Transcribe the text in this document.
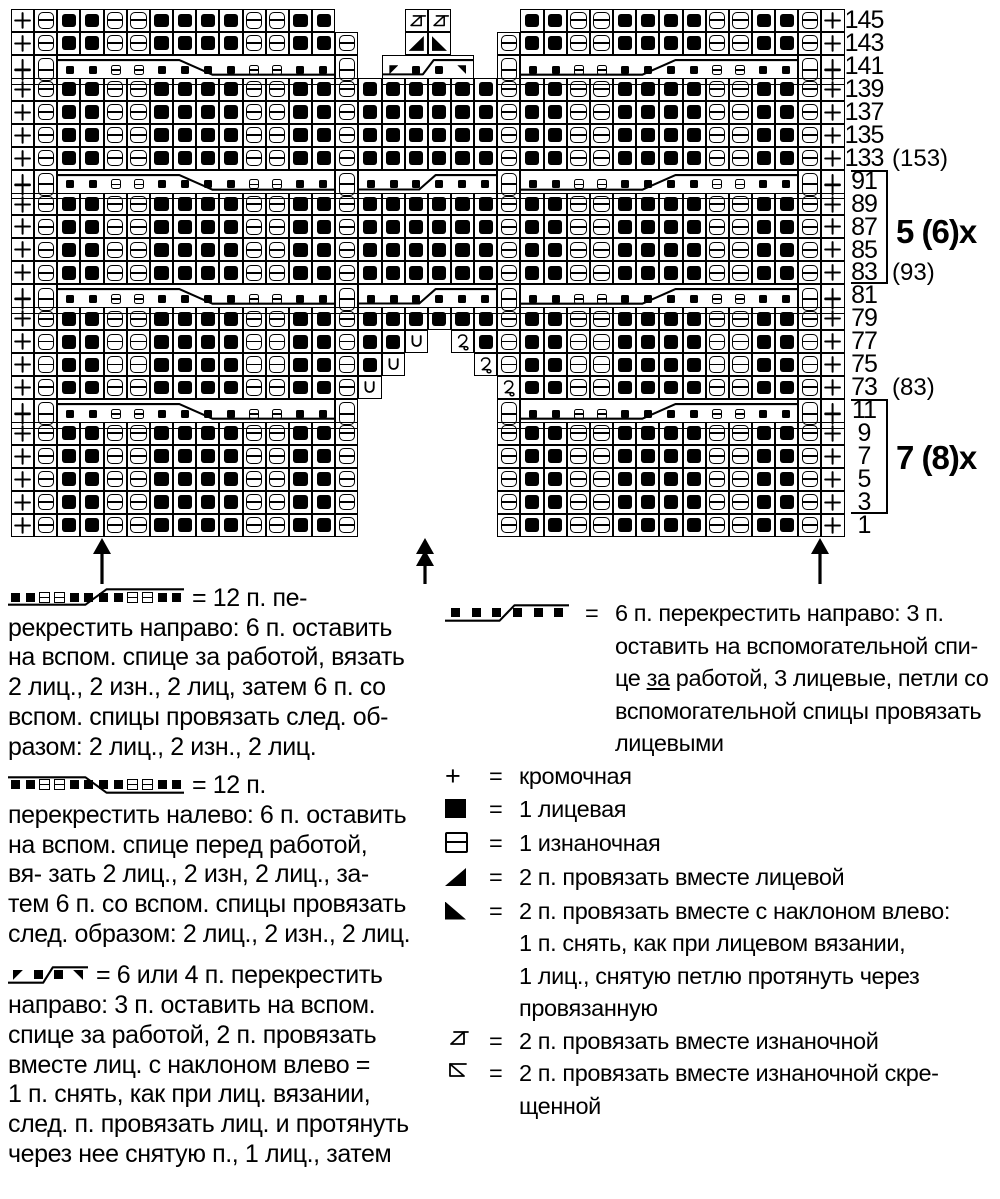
145
143
141
139
137
135
133 (153)
91
89
87
85
83 (93)
81
79
77
75
73 (83)
11
9
7
5
3
1
5 (6)x
7 (8)x
= 12 п. пе-
рекрестить направо: 6 п. оставить
на вспом. спице за работой, вязать
2 лиц., 2 изн., 2 лиц, затем 6 п. со
вспом. спицы провязать след. об-
разом: 2 лиц., 2 изн., 2 лиц.
= 12 п.
перекрестить налево: 6 п. оставить
на вспом. спице перед работой,
вя- зать 2 лиц., 2 изн, 2 лиц., за-
тем 6 п. со вспом. спицы провязать
след. образом: 2 лиц., 2 изн., 2 лиц.
= 6 или 4 п. перекрестить
направо: 3 п. оставить на вспом.
спице за работой, 2 п. провязать
вместе лиц. с наклоном влево =
1 п. снять, как при лиц. вязании,
след. п. провязать лиц. и протянуть
через нее снятую п., 1 лиц., затем
= 6 п. перекрестить направо: 3 п.
оставить на вспомогательной спи-
це за работой, 3 лицевые, петли со
вспомогательной спицы провязать
лицевыми
+	= кромочная
= 1 лицевая
= 1 изнаночная
= 2 п. провязать вместе лицевой
= 2 п. провязать вместе с наклоном влево:
1 п. снять, как при лицевом вязании,
1 лиц., снятую петлю протянуть через
провязанную
= 2 п. провязать вместе изнаночной
= 2 п. провязать вместе изнаночной скре-
щенной
